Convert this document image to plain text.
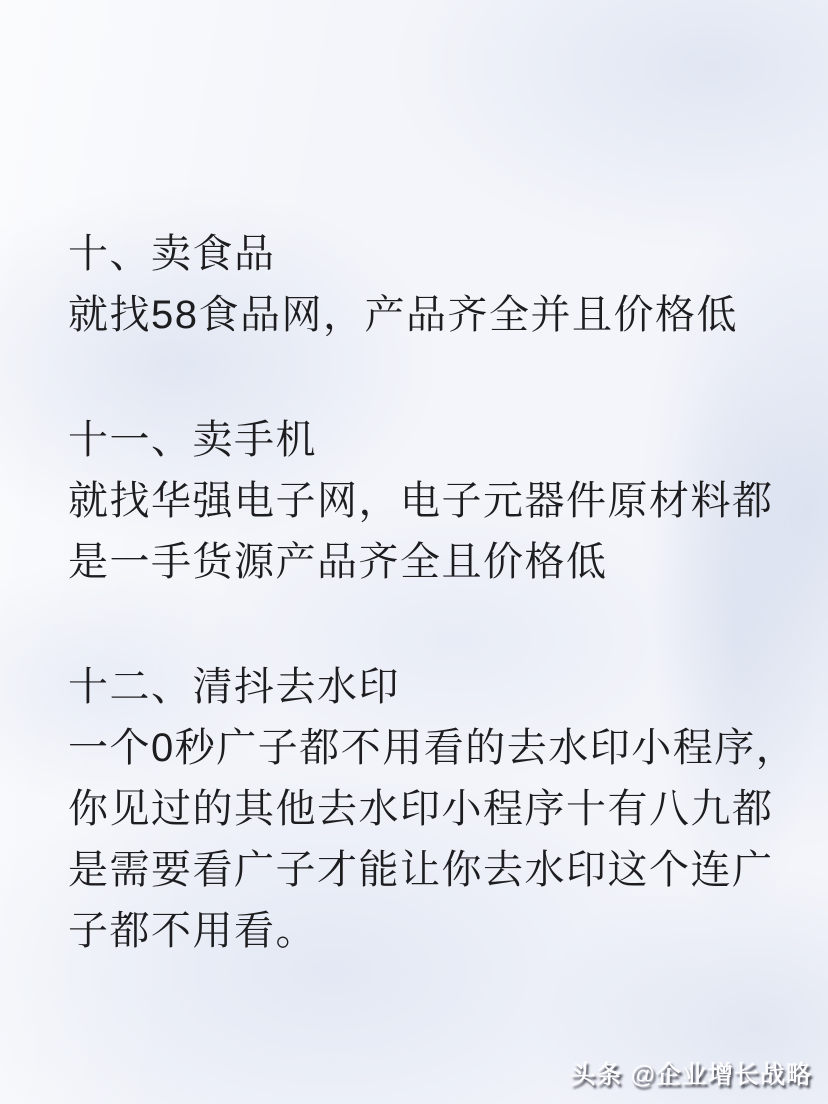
十、卖食品
就找58食品网，产品齐全并且价格低
十一、卖手机
就找华强电子网，电子元器件原材料都
是一手货源产品齐全且价格低
十二、清抖去水印
一个0秒广子都不用看的去水印小程序，
你见过的其他去水印小程序十有八九都
是需要看广子才能让你去水印这个连广
子都不用看。
头条 @企业增长战略
